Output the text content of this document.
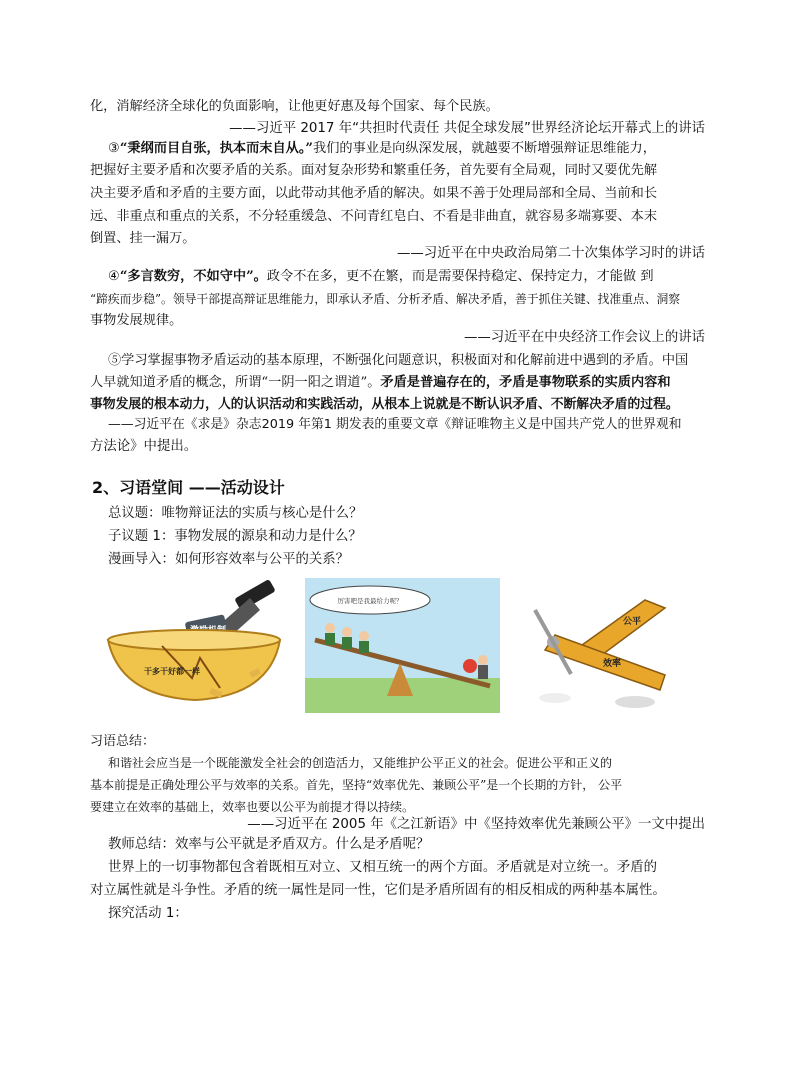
化，消解经济全球化的负面影响，让他更好惠及每个国家、每个民族。
——习近平 2017 年“共担时代责任 共促全球发展”世界经济论坛开幕式上的讲话
③“秉纲而目自张，执本而末自从。”我们的事业是向纵深发展，就越要不断增强辩证思维能力，
把握好主要矛盾和次要矛盾的关系。面对复杂形势和繁重任务，首先要有全局观，同时又要优先解
决主要矛盾和矛盾的主要方面，以此带动其他矛盾的解决。如果不善于处理局部和全局、当前和长
远、非重点和重点的关系，不分轻重缓急、不问青红皂白、不看是非曲直，就容易多端寡要、本末
倒置、挂一漏万。
——习近平在中央政治局第二十次集体学习时的讲话
④“多言数穷，不如守中”。政令不在多，更不在繁，而是需要保持稳定、保持定力，才能做 到
“蹄疾而步稳”。领导干部提高辩证思维能力，即承认矛盾、分析矛盾、解决矛盾，善于抓住关键、找准重点、洞察
事物发展规律。
——习近平在中央经济工作会议上的讲话
⑤学习掌握事物矛盾运动的基本原理，不断强化问题意识，积极面对和化解前进中遇到的矛盾。中国
人早就知道矛盾的概念，所谓“一阴一阳之谓道”。矛盾是普遍存在的，矛盾是事物联系的实质内容和
事物发展的根本动力，人的认识活动和实践活动，从根本上说就是不断认识矛盾、不断解决矛盾的过程。
——习近平在《求是》杂志2019 年第1 期发表的重要文章《辩证唯物主义是中国共产党人的世界观和
方法论》中提出。
2、习语堂间 ——活动设计
总议题：唯物辩证法的实质与核心是什么？
子议题 1：事物发展的源泉和动力是什么？
漫画导入：如何形容效率与公平的关系？
干多干好都一样
厉害吧是我最给力呢？
公平
效率
习语总结：
和谐社会应当是一个既能激发全社会的创造活力，又能维护公平正义的社会。促进公平和正义的
基本前提是正确处理公平与效率的关系。首先，坚持“效率优先、兼顾公平”是一个长期的方针， 公平
要建立在效率的基础上，效率也要以公平为前提才得以持续。
——习近平在 2005 年《之江新语》中《坚持效率优先兼顾公平》一文中提出
教师总结：效率与公平就是矛盾双方。什么是矛盾呢？
世界上的一切事物都包含着既相互对立、又相互统一的两个方面。矛盾就是对立统一。矛盾的
对立属性就是斗争性。矛盾的统一属性是同一性，它们是矛盾所固有的相反相成的两种基本属性。
探究活动 1：
